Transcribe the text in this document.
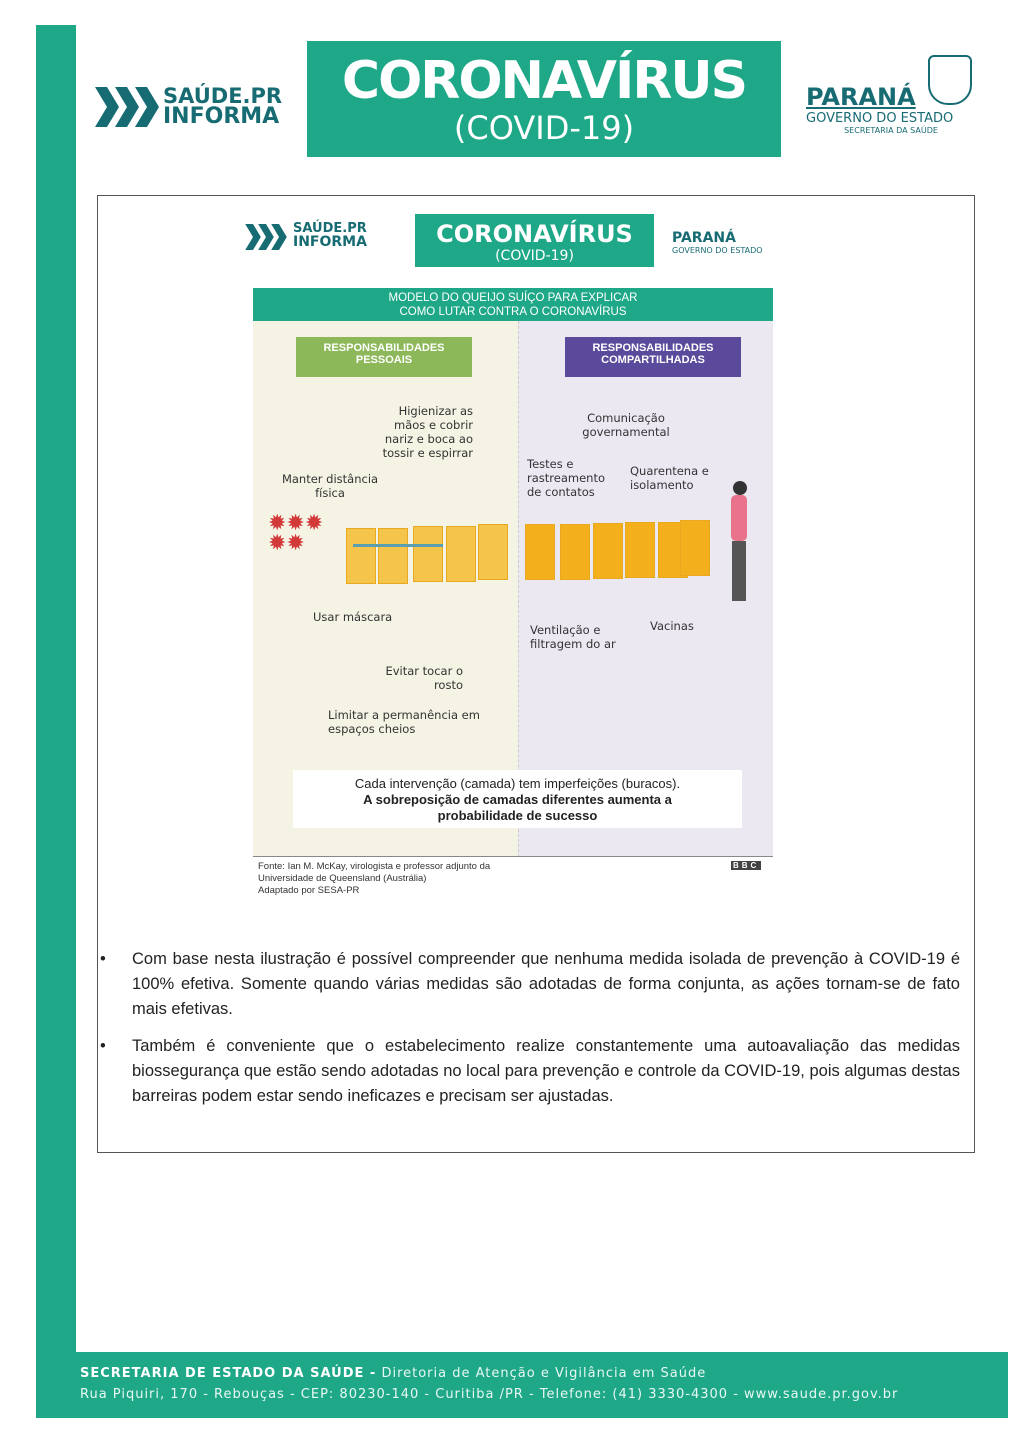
SAÚDE.PR
INFORMA
CORONAVÍRUS
(COVID-19)
PARANÁ
GOVERNO DO ESTADO
SECRETARIA DA SAÚDE
SAÚDE.PR
INFORMA	CORONAVÍRUS
(COVID-19)
PARANÁ
GOVERNO DO ESTADO
MODELO DO QUEIJO SUÍÇO PARA EXPLICAR
COMO LUTAR CONTRA O CORONAVÍRUS
RESPONSABILIDADES PESSOAIS
RESPONSABILIDADES COMPARTILHADAS
Higienizar as mãos e cobrir nariz e boca ao tossir e espirrar
Manter distância física
Usar máscara
Evitar tocar o rosto
Limitar a permanência em espaços cheios
Comunicação governamental
Testes e rastreamento de contatos
Quarentena e isolamento
Ventilação e filtragem do ar
Vacinas
✹✹✹
✹✹
Cada intervenção (camada) tem imperfeições (buracos).
A sobreposição de camadas diferentes aumenta a probabilidade de sucesso
Fonte: Ian M. McKay, virologista e professor adjunto da
Universidade de Queensland (Austrália)
Adaptado por SESA-PR
BBC
• Com base nesta ilustração é possível compreender que nenhuma medida isolada de prevenção à COVID-19 é 100% efetiva. Somente quando várias medidas são adotadas de forma conjunta, as ações tornam-se de fato mais efetivas.

• Também é conveniente que o estabelecimento realize constantemente uma autoavaliação das medidas biossegurança que estão sendo adotadas no local para prevenção e controle da COVID-19, pois algumas destas barreiras podem estar sendo ineficazes e precisam ser ajustadas.

SECRETARIA DE ESTADO DA SAÚDE - Diretoria de Atenção e Vigilância em Saúde
Rua Piquiri, 170 - Rebouças - CEP: 80230-140 - Curitiba /PR - Telefone: (41) 3330-4300 - www.saude.pr.gov.br
